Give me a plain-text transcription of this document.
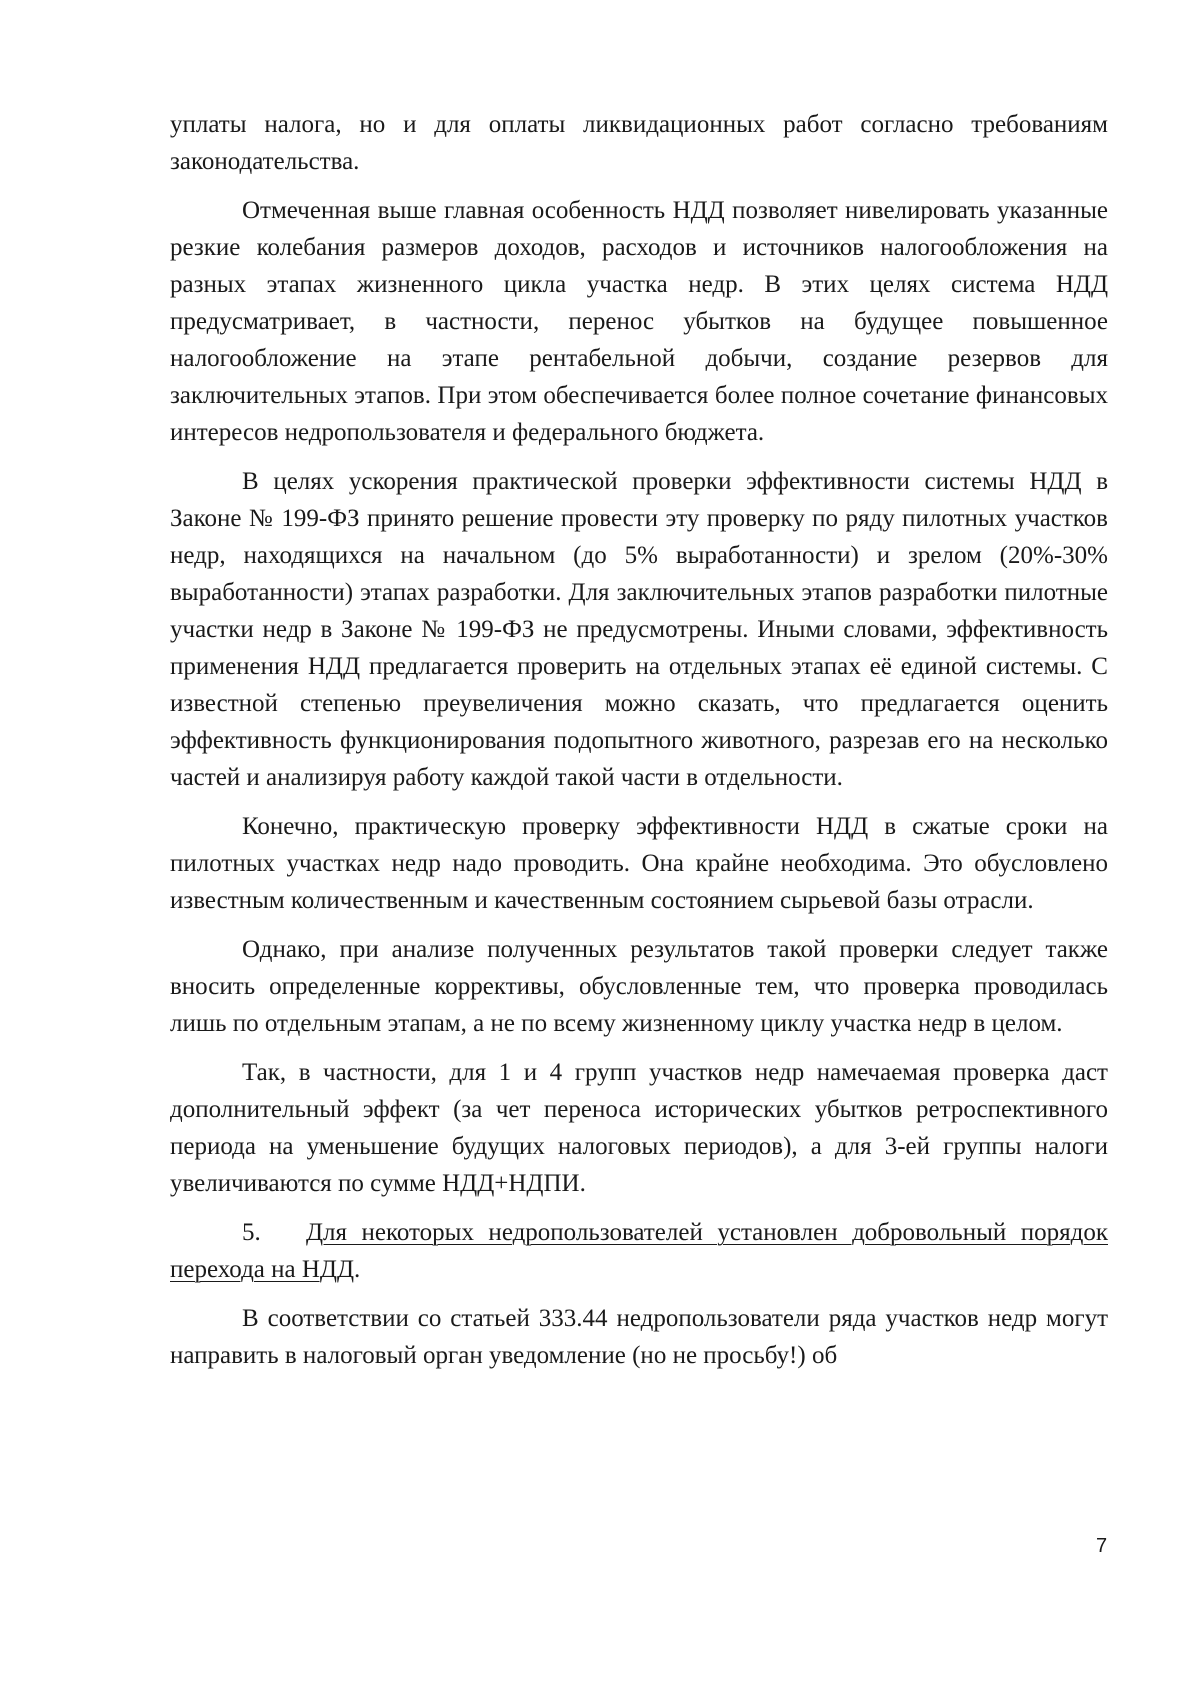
уплаты налога, но и для оплаты ликвидационных работ согласно требованиям законодательства.

Отмеченная выше главная особенность НДД позволяет нивелировать указанные резкие колебания размеров доходов, расходов и источников налогообложения на разных этапах жизненного цикла участка недр. В этих целях система НДД предусматривает, в частности, перенос убытков на будущее повышенное налогообложение на этапе рентабельной добычи, создание резервов для заключительных этапов. При этом обеспечивается более полное сочетание финансовых интересов недропользователя и федерального бюджета.

В целях ускорения практической проверки эффективности системы НДД в Законе № 199-ФЗ принято решение провести эту проверку по ряду пилотных участков недр, находящихся на начальном (до 5% выработанности) и зрелом (20%-30% выработанности) этапах разработки. Для заключительных этапов разработки пилотные участки недр в Законе № 199-ФЗ не предусмотрены. Иными словами, эффективность применения НДД предлагается проверить на отдельных этапах её единой системы. С известной степенью преувеличения можно сказать, что предлагается оценить эффективность функционирования подопытного животного, разрезав его на несколько частей и анализируя работу каждой такой части в отдельности.

Конечно, практическую проверку эффективности НДД в сжатые сроки на пилотных участках недр надо проводить. Она крайне необходима. Это обусловлено известным количественным и качественным состоянием сырьевой базы отрасли.

Однако, при анализе полученных результатов такой проверки следует также вносить определенные коррективы, обусловленные тем, что проверка проводилась лишь по отдельным этапам, а не по всему жизненному циклу участка недр в целом.

Так, в частности, для 1 и 4 групп участков недр намечаемая проверка даст дополнительный эффект (за чет переноса исторических убытков ретроспективного периода на уменьшение будущих налоговых периодов), а для 3-ей группы налоги увеличиваются по сумме НДД+НДПИ.

5. Для некоторых недропользователей установлен добровольный порядок перехода на НДД.

В соответствии со статьей 333.44 недропользователи ряда участков недр могут направить в налоговый орган уведомление (но не просьбу!) об

7
